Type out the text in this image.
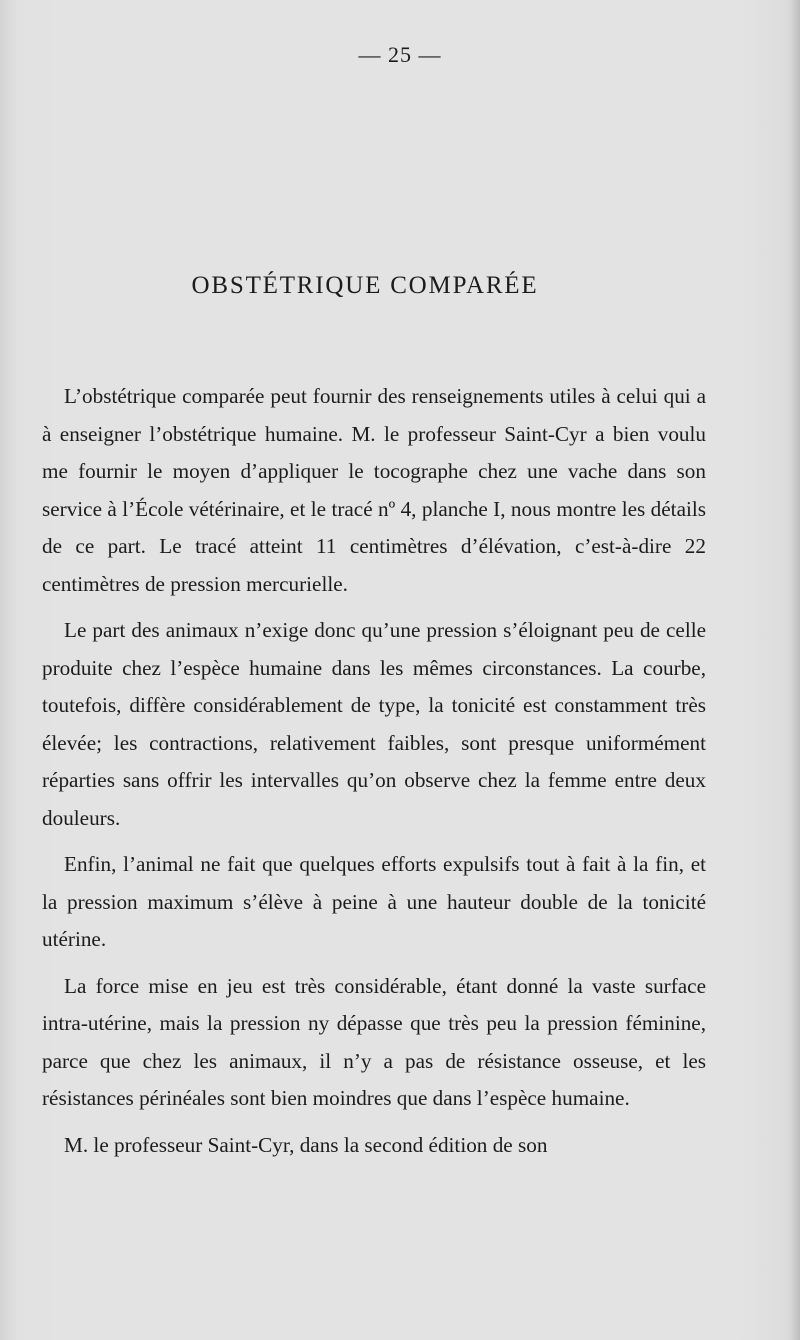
— 25 —
OBSTÉTRIQUE COMPARÉE

L’obstétrique comparée peut fournir des renseignements utiles à celui qui a à enseigner l’obstétrique humaine. M. le professeur Saint-Cyr a bien voulu me fournir le moyen d’appliquer le tocographe chez une vache dans son service à l’École vétérinaire, et le tracé nº 4, planche I, nous montre les détails de ce part. Le tracé atteint 11 centimètres d’élévation, c’est-à-dire 22 centimètres de pression mercurielle.

Le part des animaux n’exige donc qu’une pression s’éloignant peu de celle produite chez l’espèce humaine dans les mêmes circonstances. La courbe, toutefois, diffère considérablement de type, la tonicité est constamment très élevée; les contractions, relativement faibles, sont presque uniformément réparties sans offrir les intervalles qu’on observe chez la femme entre deux douleurs.

Enfin, l’animal ne fait que quelques efforts expulsifs tout à fait à la fin, et la pression maximum s’élève à peine à une hauteur double de la tonicité utérine.

La force mise en jeu est très considérable, étant donné la vaste surface intra-utérine, mais la pression ny dépasse que très peu la pression féminine, parce que chez les animaux, il n’y a pas de résistance osseuse, et les résistances périnéales sont bien moindres que dans l’espèce humaine.

M. le professeur Saint-Cyr, dans la second édition de son
